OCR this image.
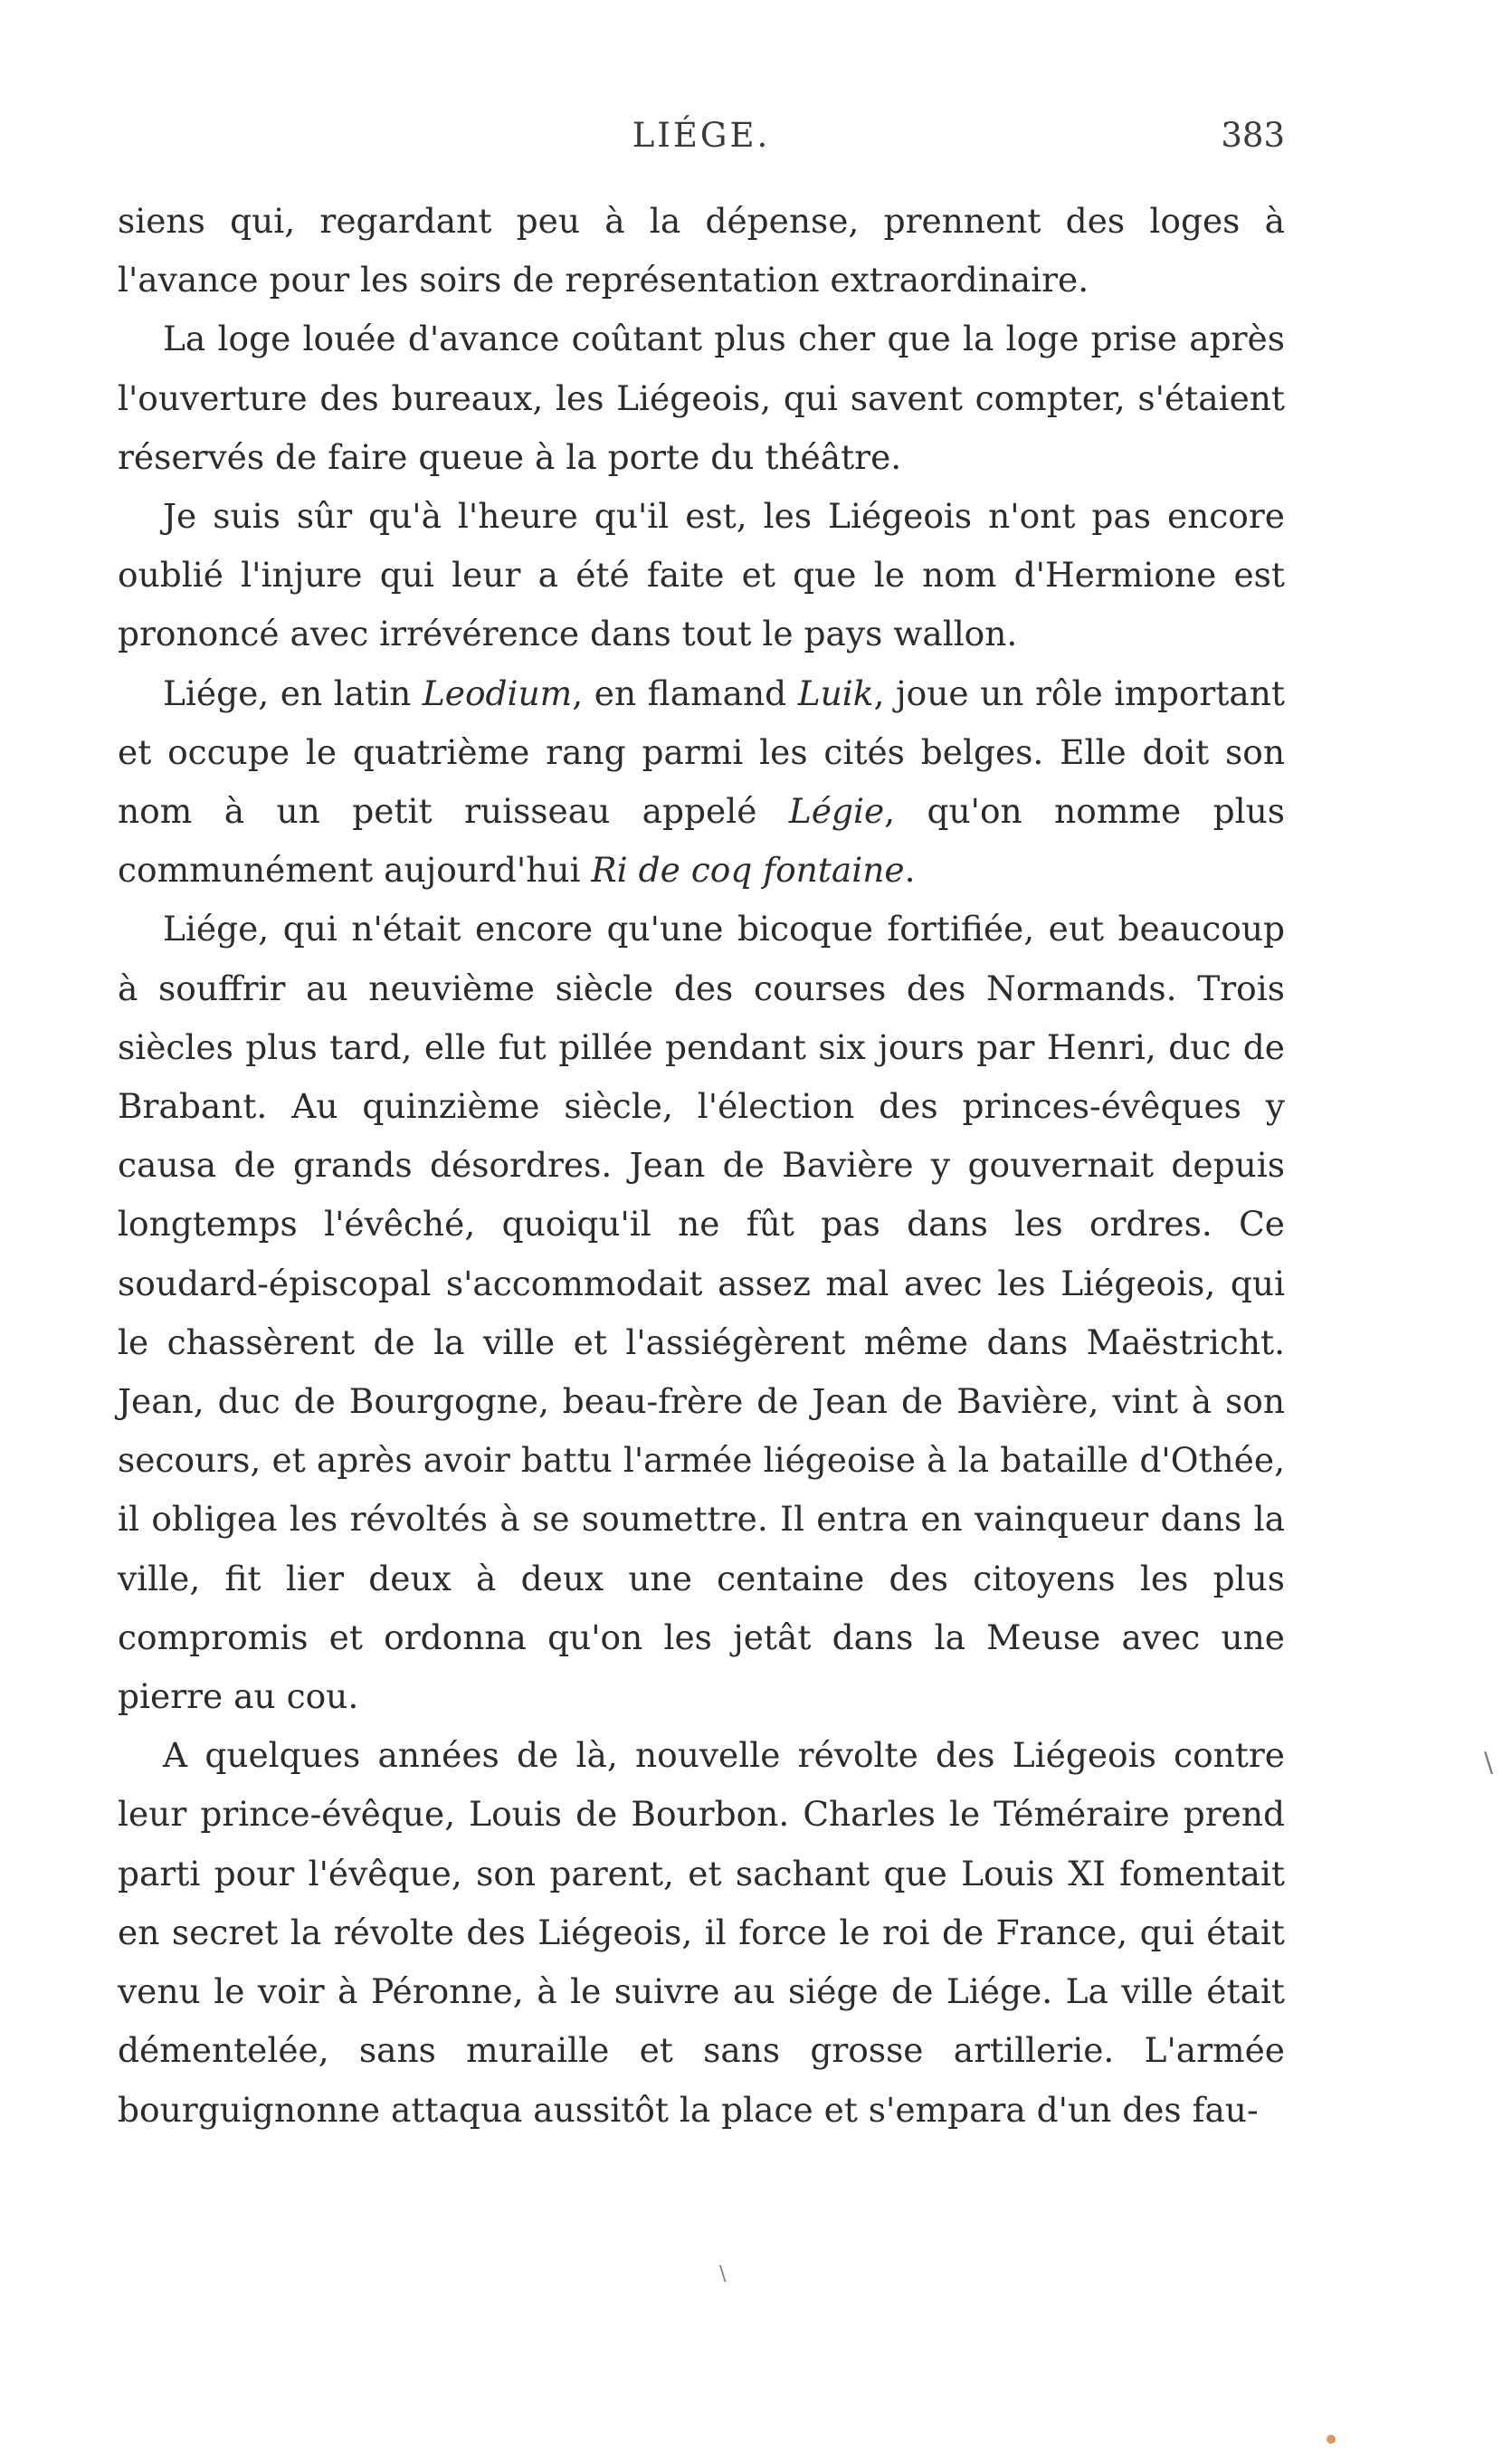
LIÉGE.	383

siens qui, regardant peu à la dépense, prennent des loges à l'avance pour les soirs de représentation extraordinaire.

La loge louée d'avance coûtant plus cher que la loge prise après l'ouverture des bureaux, les Liégeois, qui savent compter, s'étaient réservés de faire queue à la porte du théâtre.

Je suis sûr qu'à l'heure qu'il est, les Liégeois n'ont pas encore oublié l'injure qui leur a été faite et que le nom d'Hermione est prononcé avec irrévérence dans tout le pays wallon.

Liége, en latin Leodium, en flamand Luik, joue un rôle important et occupe le quatrième rang parmi les cités belges. Elle doit son nom à un petit ruisseau appelé Légie, qu'on nomme plus communément aujourd'hui Ri de coq fontaine.

Liége, qui n'était encore qu'une bicoque fortifiée, eut beaucoup à souffrir au neuvième siècle des courses des Normands. Trois siècles plus tard, elle fut pillée pendant six jours par Henri, duc de Brabant. Au quinzième siècle, l'élection des princes-évêques y causa de grands désordres. Jean de Bavière y gouvernait depuis longtemps l'évêché, quoiqu'il ne fût pas dans les ordres. Ce soudard-épiscopal s'accommodait assez mal avec les Liégeois, qui le chassèrent de la ville et l'assiégèrent même dans Maëstricht. Jean, duc de Bourgogne, beau-frère de Jean de Bavière, vint à son secours, et après avoir battu l'armée liégeoise à la bataille d'Othée, il obligea les révoltés à se soumettre. Il entra en vainqueur dans la ville, fit lier deux à deux une centaine des citoyens les plus compromis et ordonna qu'on les jetât dans la Meuse avec une pierre au cou.

A quelques années de là, nouvelle révolte des Liégeois contre leur prince-évêque, Louis de Bourbon. Charles le Téméraire prend parti pour l'évêque, son parent, et sachant que Louis XI fomentait en secret la révolte des Liégeois, il force le roi de France, qui était venu le voir à Péronne, à le suivre au siége de Liége. La ville était démentelée, sans muraille et sans grosse artillerie. L'armée bourguignonne attaqua aussitôt la place et s'empara d'un des fau-

\
\
